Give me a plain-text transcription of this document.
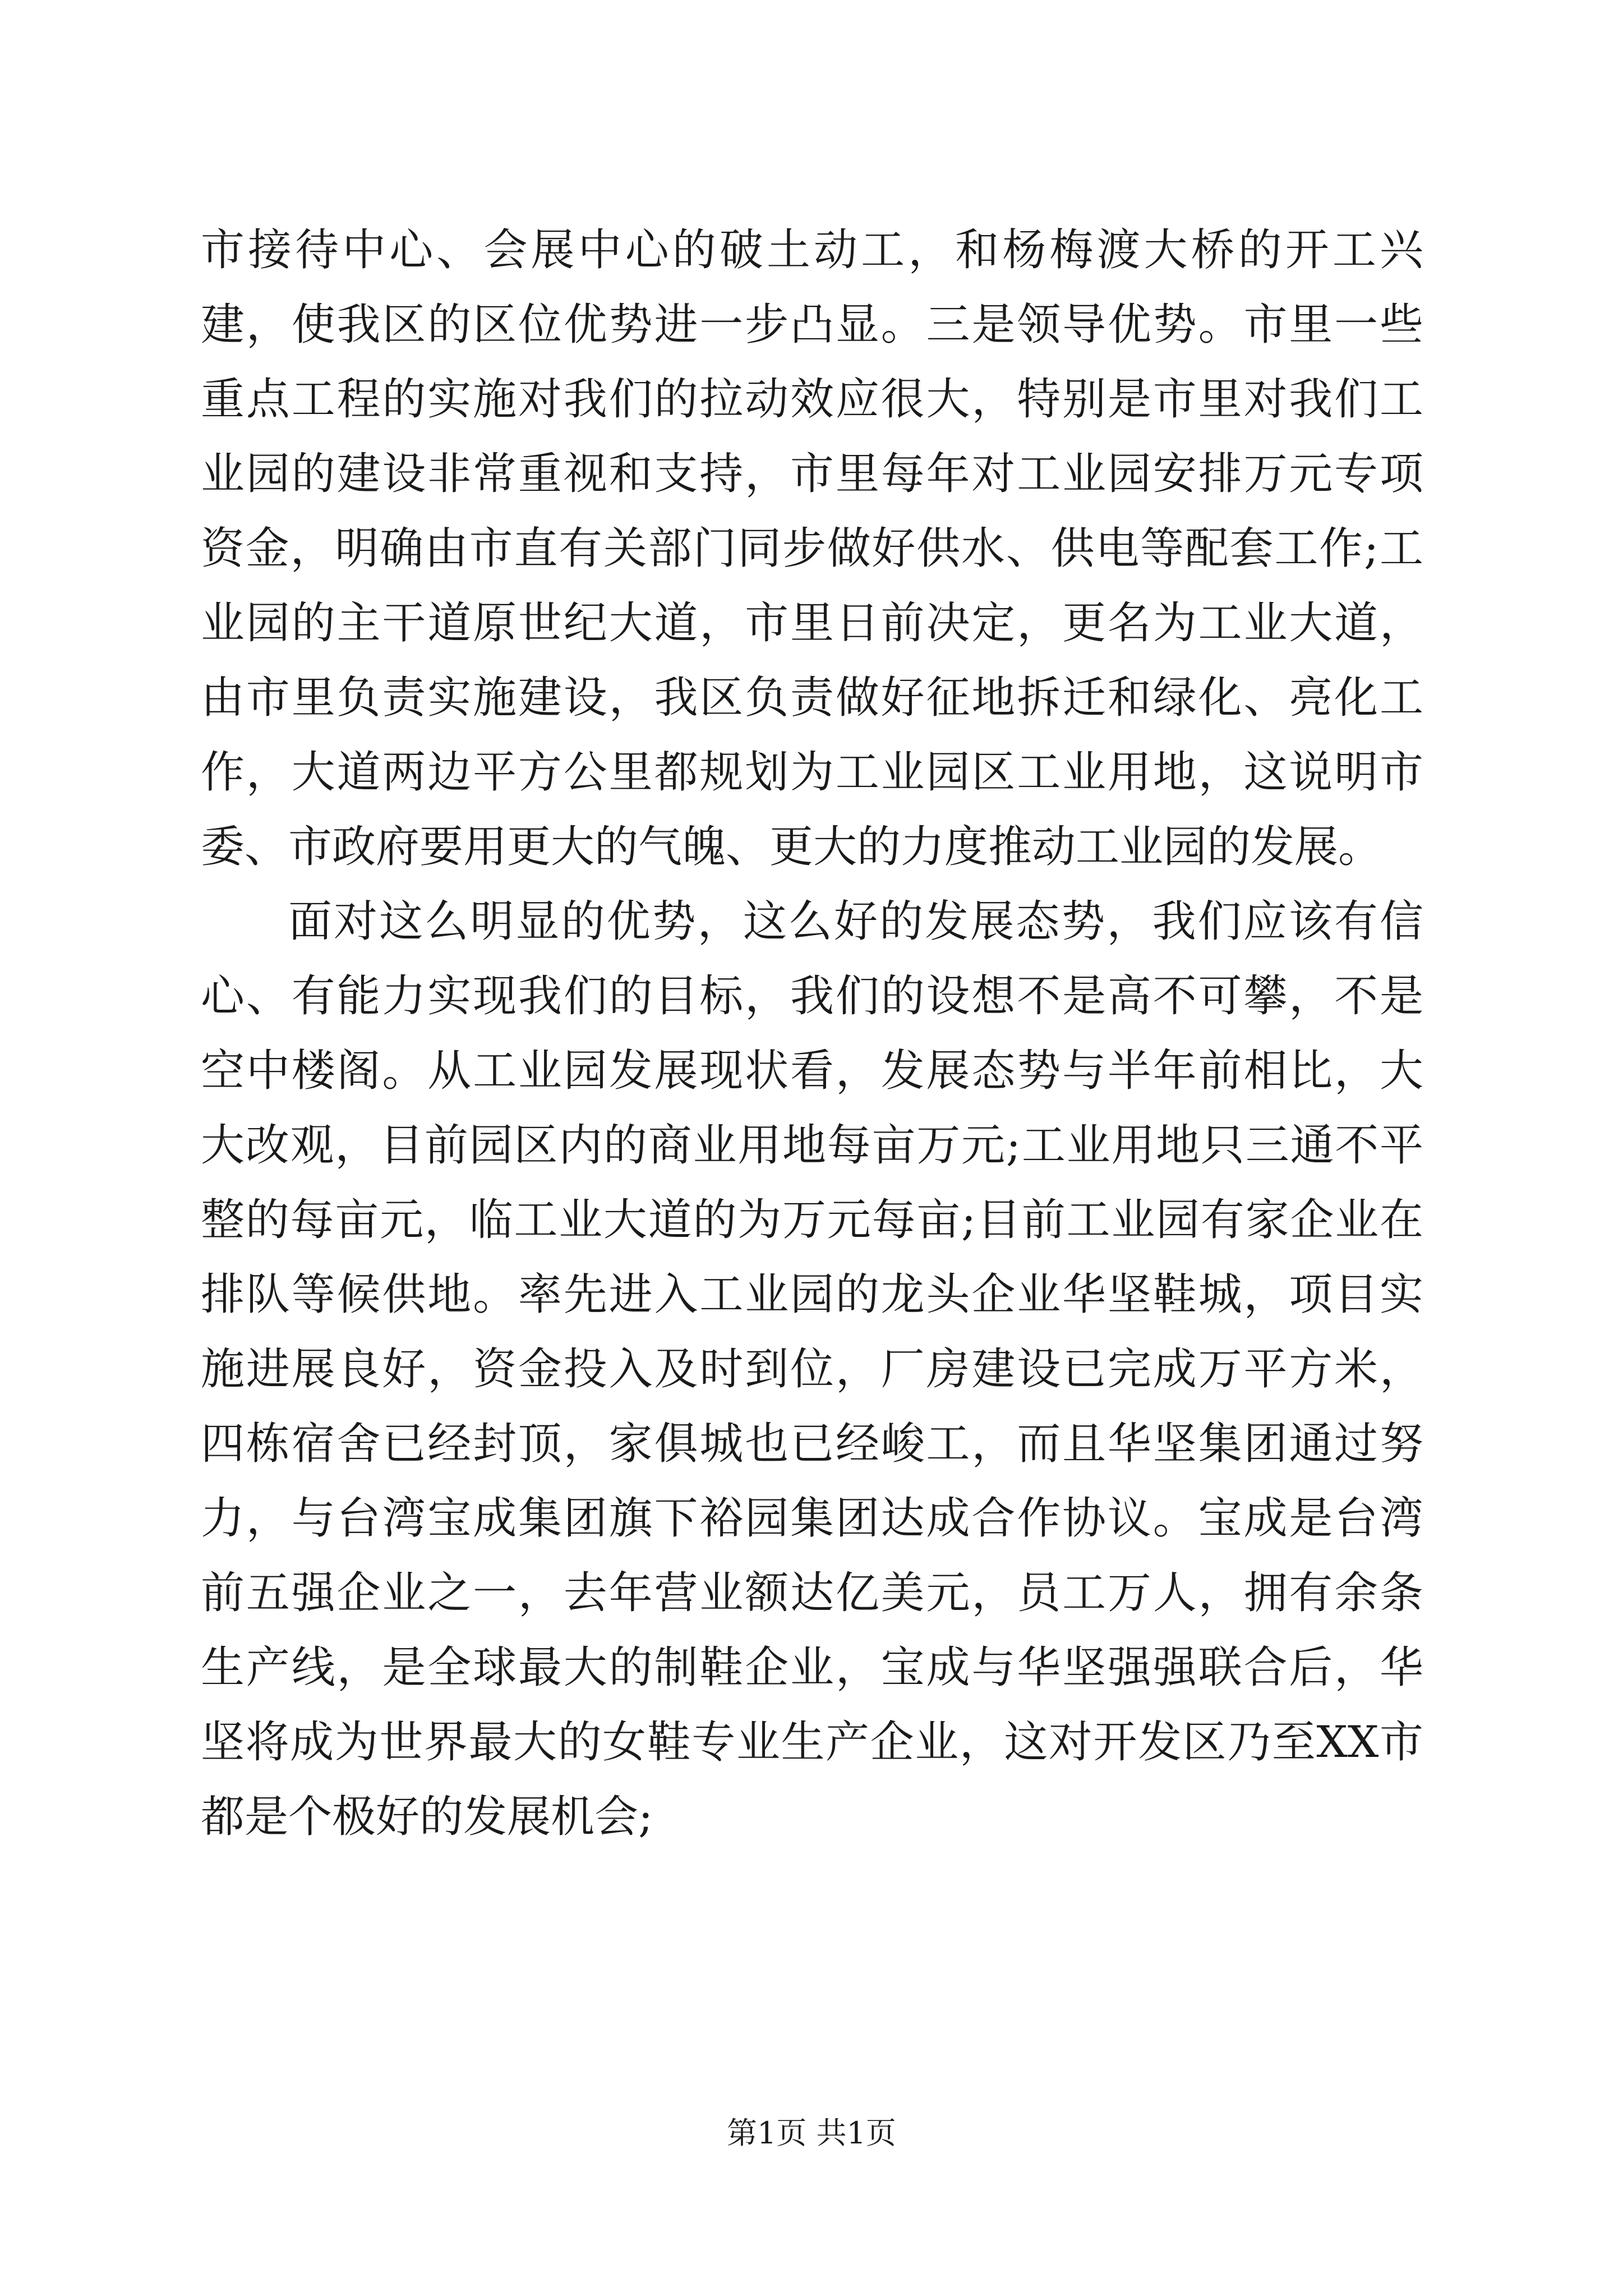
市接待中心、会展中心的破土动工，和杨梅渡大桥的开工兴建，使我区的区位优势进一步凸显。三是领导优势。市里一些重点工程的实施对我们的拉动效应很大，特别是市里对我们工业园的建设非常重视和支持，市里每年对工业园安排万元专项资金，明确由市直有关部门同步做好供水、供电等配套工作;工业园的主干道原世纪大道，市里日前决定，更名为工业大道，由市里负责实施建设，我区负责做好征地拆迁和绿化、亮化工作，大道两边平方公里都规划为工业园区工业用地，这说明市委、市政府要用更大的气魄、更大的力度推动工业园的发展。

面对这么明显的优势，这么好的发展态势，我们应该有信心、有能力实现我们的目标，我们的设想不是高不可攀，不是空中楼阁。从工业园发展现状看，发展态势与半年前相比，大大改观，目前园区内的商业用地每亩万元;工业用地只三通不平整的每亩元，临工业大道的为万元每亩;目前工业园有家企业在排队等候供地。率先进入工业园的龙头企业华坚鞋城，项目实施进展良好，资金投入及时到位，厂房建设已完成万平方米，四栋宿舍已经封顶，家俱城也已经峻工，而且华坚集团通过努力，与台湾宝成集团旗下裕园集团达成合作协议。宝成是台湾前五强企业之一，去年营业额达亿美元，员工万人，拥有余条生产线，是全球最大的制鞋企业，宝成与华坚强强联合后，华坚将成为世界最大的女鞋专业生产企业，这对开发区乃至XX市都是个极好的发展机会;

第1页 共1页
